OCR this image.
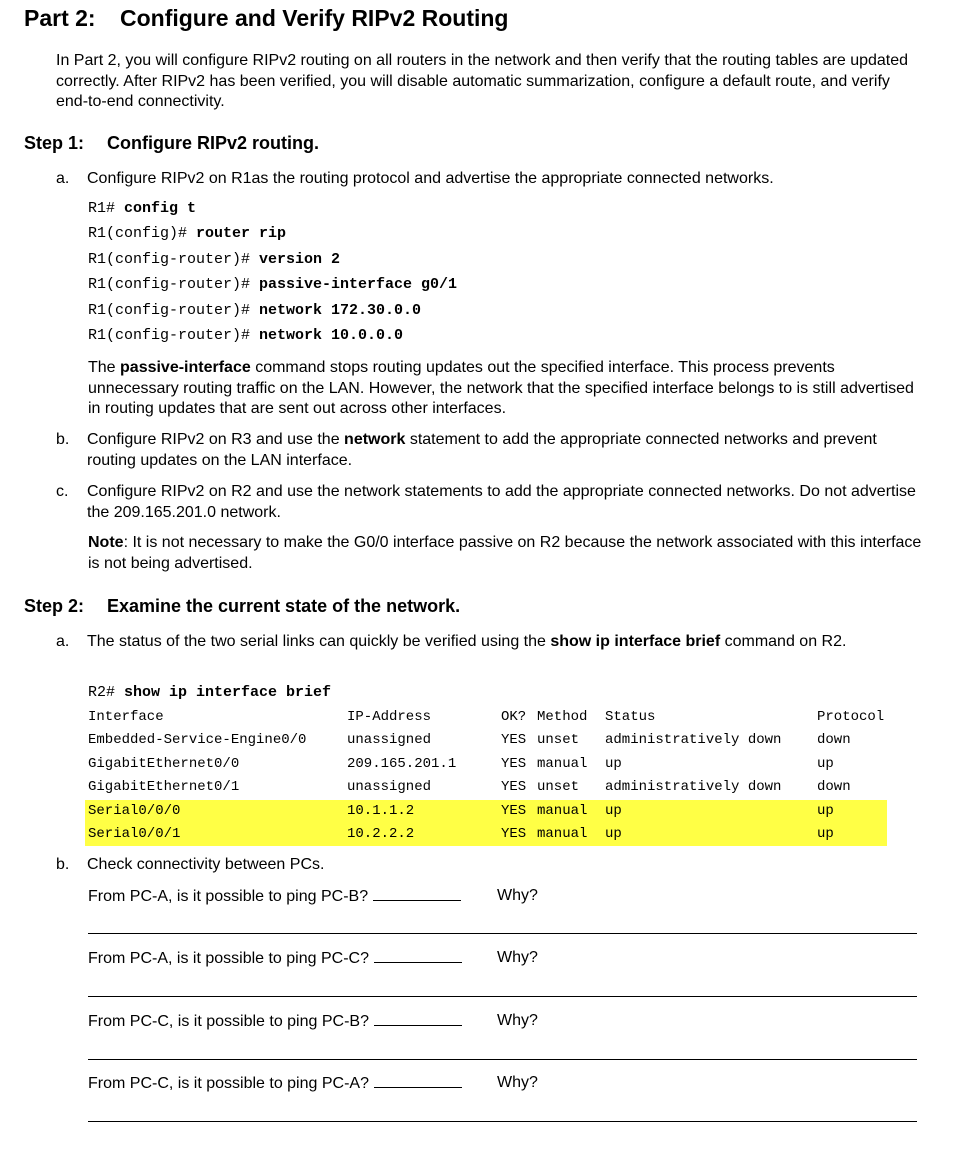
Part 2: Configure and Verify RIPv2 Routing

In Part 2, you will configure RIPv2 routing on all routers in the network and then verify that the routing tables are updated correctly. After RIPv2 has been verified, you will disable automatic summarization, configure a default route, and verify end-to-end connectivity.

Step 1: Configure RIPv2 routing.
a.	Configure RIPv2 on R1as the routing protocol and advertise the appropriate connected networks.
R1# config t
R1(config)# router rip
R1(config-router)# version 2
R1(config-router)# passive-interface g0/1
R1(config-router)# network 172.30.0.0
R1(config-router)# network 10.0.0.0

The passive-interface command stops routing updates out the specified interface. This process prevents unnecessary routing traffic on the LAN. However, the network that the specified interface belongs to is still advertised in routing updates that are sent out across other interfaces.

b.	Configure RIPv2 on R3 and use the network statement to add the appropriate connected networks and prevent routing updates on the LAN interface.
c.	Configure RIPv2 on R2 and use the network statements to add the appropriate connected networks. Do not advertise the 209.165.201.0 network.

Note: It is not necessary to make the G0/0 interface passive on R2 because the network associated with this interface is not being advertised.

Step 2: Examine the current state of the network.
a.	The status of the two serial links can quickly be verified using the show ip interface brief command on R2.
R2# show ip interface brief
Interface	IP-Address	OK?	Method	Status	Protocol
Embedded-Service-Engine0/0	unassigned	YES	unset	administratively down	down
GigabitEthernet0/0	209.165.201.1	YES	manual	up	up
GigabitEthernet0/1	unassigned	YES	unset	administratively down	down
Serial0/0/0	10.1.1.2	YES	manual	up	up
Serial0/0/1	10.2.2.2	YES	manual	up	up
b.	Check connectivity between PCs.
From PC-A, is it possible to ping PC-B?	Why?
From PC-A, is it possible to ping PC-C?	Why?
From PC-C, is it possible to ping PC-B?	Why?
From PC-C, is it possible to ping PC-A?	Why?
